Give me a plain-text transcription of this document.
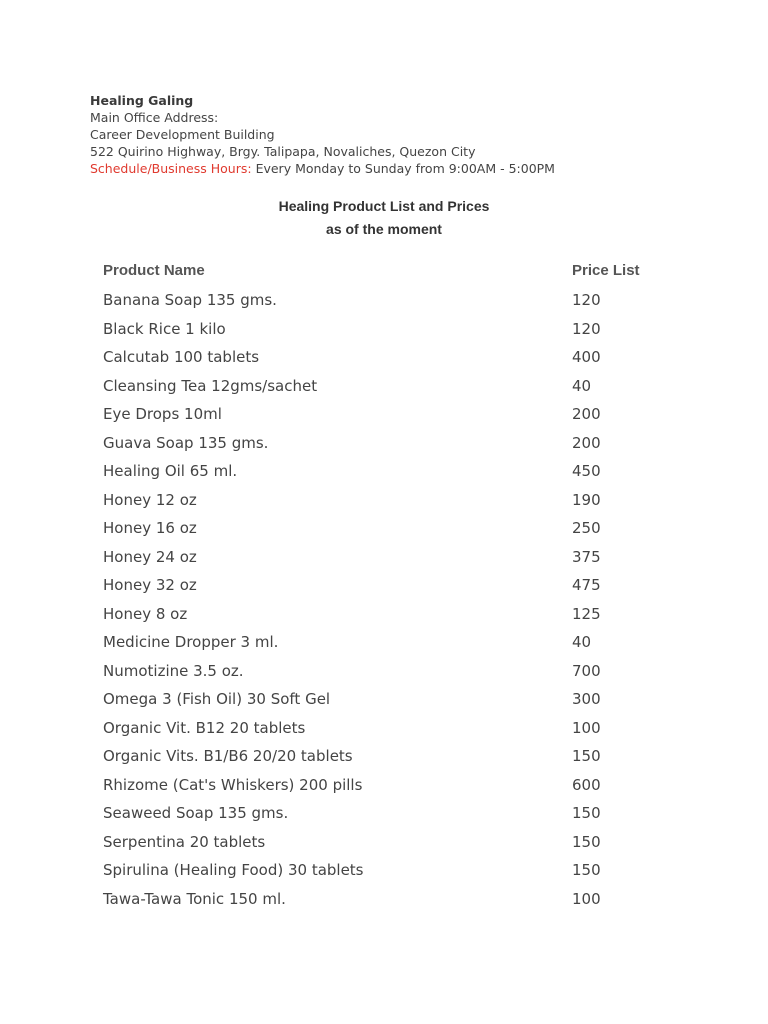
Healing Galing
Main Office Address:
Career Development Building
522 Quirino Highway, Brgy. Talipapa, Novaliches, Quezon City
Schedule/Business Hours: Every Monday to Sunday from 9:00AM - 5:00PM
Healing Product List and Prices
as of the moment
Product Name	Price List
Banana Soap 135 gms.	120
Black Rice 1 kilo	120
Calcutab 100 tablets	400
Cleansing Tea 12gms/sachet	40
Eye Drops 10ml	200
Guava Soap 135 gms.	200
Healing Oil 65 ml.	450
Honey 12 oz	190
Honey 16 oz	250
Honey 24 oz	375
Honey 32 oz	475
Honey 8 oz	125
Medicine Dropper 3 ml.	40
Numotizine 3.5 oz.	700
Omega 3 (Fish Oil) 30 Soft Gel	300
Organic Vit. B12 20 tablets	100
Organic Vits. B1/B6 20/20 tablets	150
Rhizome (Cat's Whiskers) 200 pills	600
Seaweed Soap 135 gms.	150
Serpentina 20 tablets	150
Spirulina (Healing Food) 30 tablets	150
Tawa-Tawa Tonic 150 ml.	100
